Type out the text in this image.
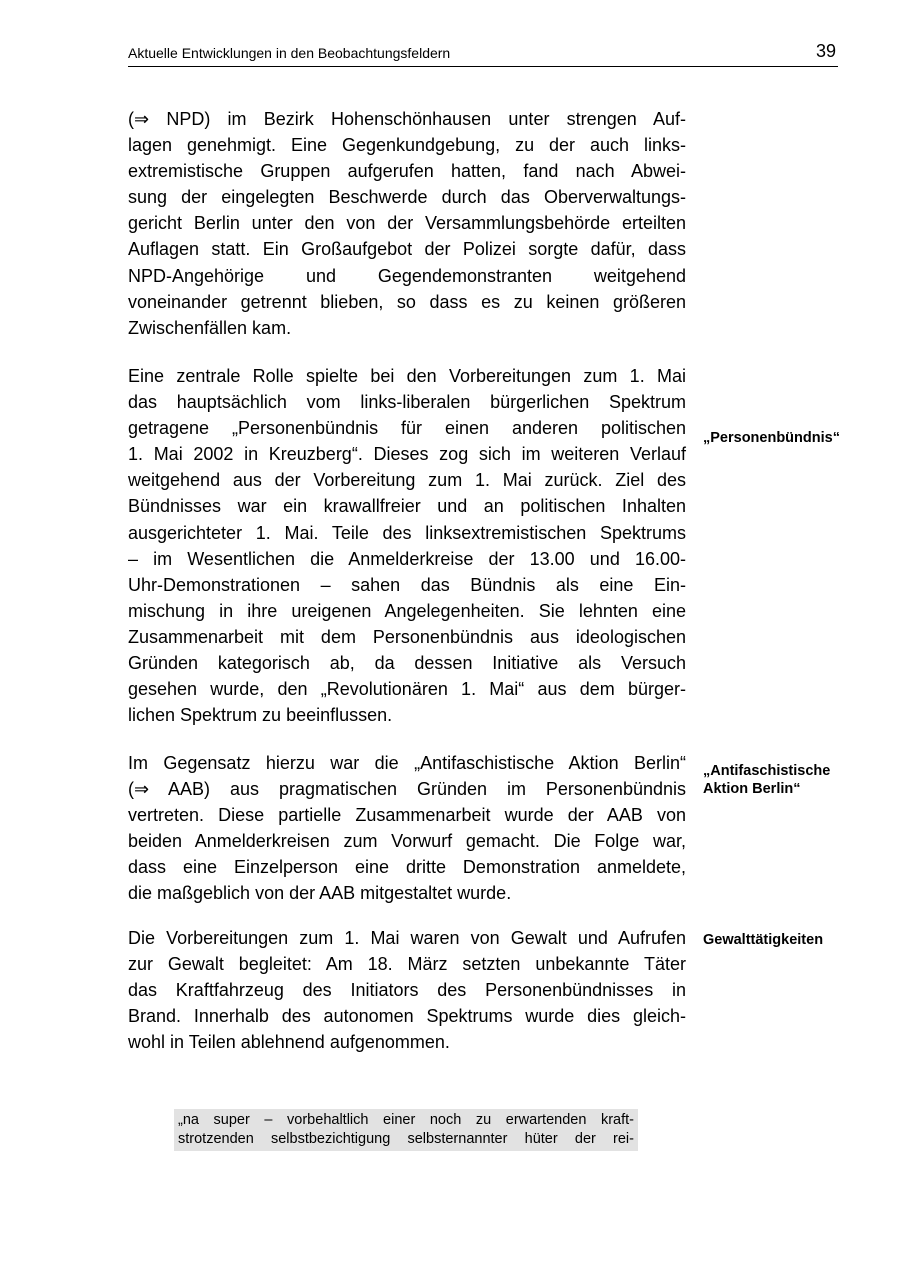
Aktuelle Entwicklungen in den Beobachtungsfeldern	39

(⇒ NPD) im Bezirk Hohenschönhausen unter strengen Auf-
lagen genehmigt. Eine Gegenkundgebung, zu der auch links-
extremistische Gruppen aufgerufen hatten, fand nach Abwei-
sung der eingelegten Beschwerde durch das Oberverwaltungs-
gericht Berlin unter den von der Versammlungsbehörde erteilten
Auflagen statt. Ein Großaufgebot der Polizei sorgte dafür, dass
NPD-Angehörige und Gegendemonstranten weitgehend
voneinander getrennt blieben, so dass es zu keinen größeren
Zwischenfällen kam.

Eine zentrale Rolle spielte bei den Vorbereitungen zum 1. Mai
das hauptsächlich vom links-liberalen bürgerlichen Spektrum
getragene „Personenbündnis für einen anderen politischen
1. Mai 2002 in Kreuzberg“. Dieses zog sich im weiteren Verlauf
weitgehend aus der Vorbereitung zum 1. Mai zurück. Ziel des
Bündnisses war ein krawallfreier und an politischen Inhalten
ausgerichteter 1. Mai. Teile des linksextremistischen Spektrums
– im Wesentlichen die Anmelderkreise der 13.00 und 16.00-
Uhr-Demonstrationen – sahen das Bündnis als eine Ein-
mischung in ihre ureigenen Angelegenheiten. Sie lehnten eine
Zusammenarbeit mit dem Personenbündnis aus ideologischen
Gründen kategorisch ab, da dessen Initiative als Versuch
gesehen wurde, den „Revolutionären 1. Mai“ aus dem bürger-
lichen Spektrum zu beeinflussen.

Im Gegensatz hierzu war die „Antifaschistische Aktion Berlin“
(⇒ AAB) aus pragmatischen Gründen im Personenbündnis
vertreten. Diese partielle Zusammenarbeit wurde der AAB von
beiden Anmelderkreisen zum Vorwurf gemacht. Die Folge war,
dass eine Einzelperson eine dritte Demonstration anmeldete,
die maßgeblich von der AAB mitgestaltet wurde.

Die Vorbereitungen zum 1. Mai waren von Gewalt und Aufrufen
zur Gewalt begleitet: Am 18. März setzten unbekannte Täter
das Kraftfahrzeug des Initiators des Personenbündnisses in
Brand. Innerhalb des autonomen Spektrums wurde dies gleich-
wohl in Teilen ablehnend aufgenommen.

„Personenbündnis“

„Antifaschistische
Aktion Berlin“

Gewalttätigkeiten

„na super – vorbehaltlich einer noch zu erwartenden kraft-
strotzenden selbstbezichtigung selbsternannter hüter der rei-
